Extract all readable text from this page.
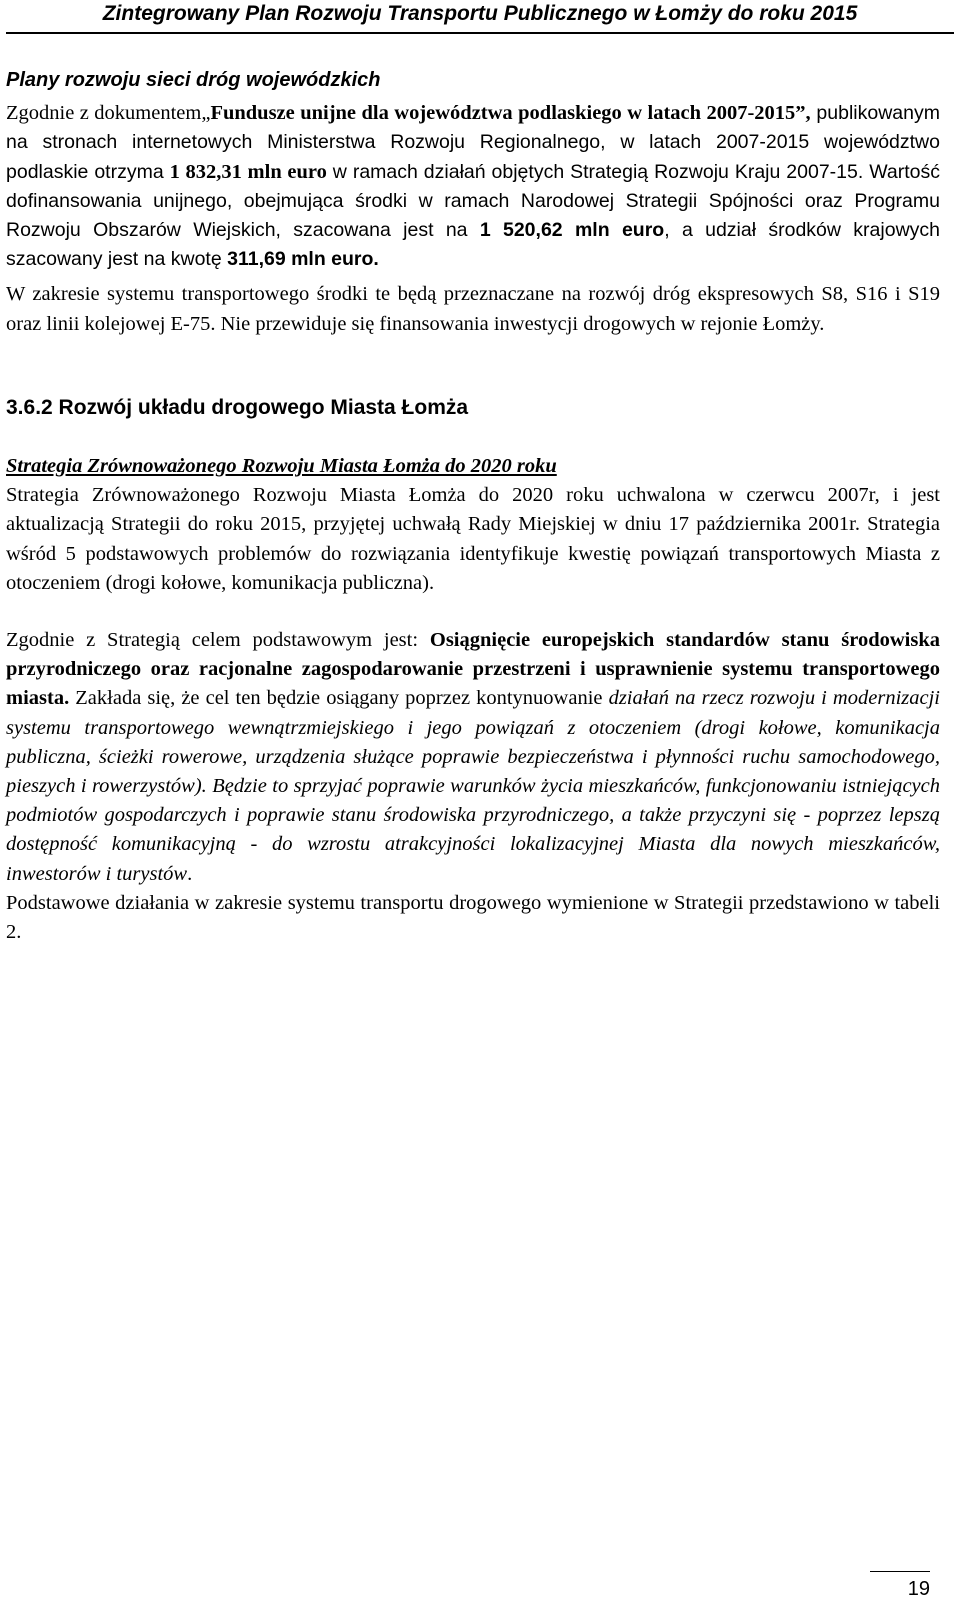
Zintegrowany Plan Rozwoju Transportu Publicznego w Łomży do roku 2015
Plany rozwoju sieci dróg wojewódzkich

Zgodnie z dokumentem„Fundusze unijne dla województwa podlaskiego w latach 2007-2015”, publikowanym na stronach internetowych Ministerstwa Rozwoju Regionalnego, w latach 2007-2015 województwo podlaskie otrzyma 1 832,31 mln euro w ramach działań objętych Strategią Rozwoju Kraju 2007-15. Wartość dofinansowania unijnego, obejmująca środki w ramach Narodowej Strategii Spójności oraz Programu Rozwoju Obszarów Wiejskich, szacowana jest na 1 520,62 mln euro, a udział środków krajowych szacowany jest na kwotę 311,69 mln euro.

W zakresie systemu transportowego środki te będą przeznaczane na rozwój dróg ekspresowych S8, S16 i S19 oraz linii kolejowej E-75. Nie przewiduje się finansowania inwestycji drogowych w rejonie Łomży.

3.6.2 Rozwój układu drogowego Miasta Łomża

Strategia Zrównoważonego Rozwoju Miasta Łomża do 2020 roku

Strategia Zrównoważonego Rozwoju Miasta Łomża do 2020 roku uchwalona w czerwcu 2007r, i jest aktualizacją Strategii do roku 2015, przyjętej uchwałą Rady Miejskiej w dniu 17 października 2001r. Strategia wśród 5 podstawowych problemów do rozwiązania identyfikuje kwestię powiązań transportowych Miasta z otoczeniem (drogi kołowe, komunikacja publiczna).

Zgodnie z Strategią celem podstawowym jest: Osiągnięcie europejskich standardów stanu środowiska przyrodniczego oraz racjonalne zagospodarowanie przestrzeni i usprawnienie systemu transportowego miasta. Zakłada się, że cel ten będzie osiągany poprzez kontynuowanie działań na rzecz rozwoju i modernizacji systemu transportowego wewnątrzmiejskiego i jego powiązań z otoczeniem (drogi kołowe, komunikacja publiczna, ścieżki rowerowe, urządzenia służące poprawie bezpieczeństwa i płynności ruchu samochodowego, pieszych i rowerzystów). Będzie to sprzyjać poprawie warunków życia mieszkańców, funkcjonowaniu istniejących podmiotów gospodarczych i poprawie stanu środowiska przyrodniczego, a także przyczyni się - poprzez lepszą dostępność komunikacyjną - do wzrostu atrakcyjności lokalizacyjnej Miasta dla nowych mieszkańców, inwestorów i turystów.

Podstawowe działania w zakresie systemu transportu drogowego wymienione w Strategii przedstawiono w tabeli 2.

19
